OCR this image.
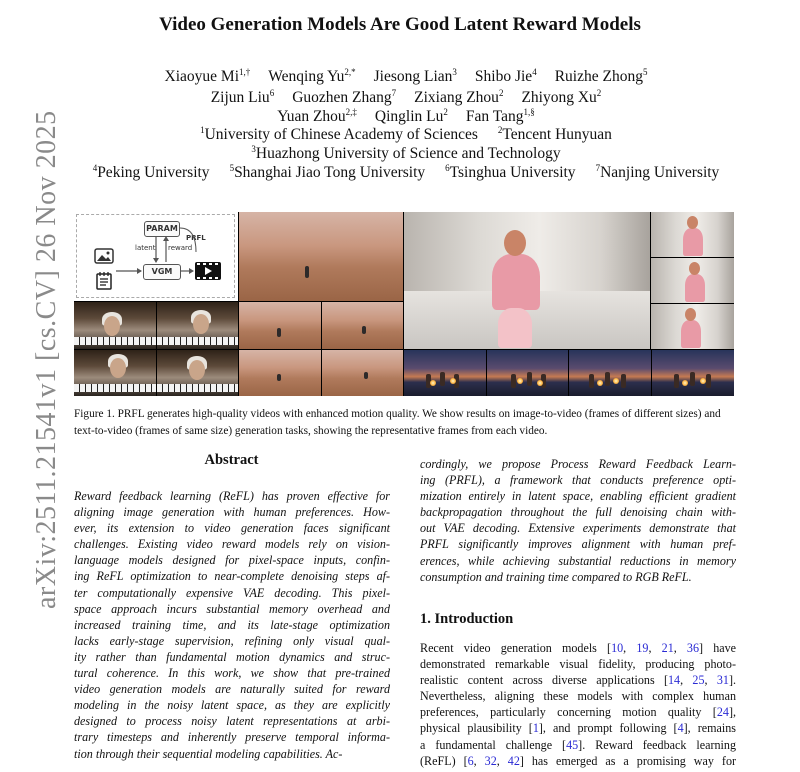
arXiv:2511.21541v1 [cs.CV] 26 Nov 2025
Video Generation Models Are Good Latent Reward Models
Xiaoyue $Mi^{1,\dagger}$ Wenqing $Yu^{2,*}$ Jiesong Lian$^3$ Shibo Jie$^4$ Ruizhe Zhong$^5$
Zijun Liu$^6$ Guozhen Zhang$^7$ Zixiang Zhou$^2$ Zhiyong Xu$^2$
Yuan Zhou$^{2,\ddagger}$ Qinglin Lu$^2$ Fan Tang$^{1,\S}$
$^1$University of Chinese Academy of Sciences $^2$Tencent Hunyuan
$^3$Huazhong University of Science and Technology
$^4$Peking University $^5$Shanghai Jiao Tong University $^6$Tsinghua University $^7$Nanjing University
PARAM
PRFL
latent reward
VGM
Figure 1. PRFL generates high-quality videos with enhanced motion quality. We show results on image-to-video (frames of different sizes) and text-to-video (frames of same size) generation tasks, showing the representative frames from each video.
Abstract
Reward feedback learning (ReFL) has proven effective for
aligning image generation with human preferences. How-
ever, its extension to video generation faces significant
challenges. Existing video reward models rely on vision-
language models designed for pixel-space inputs, confin-
ing ReFL optimization to near-complete denoising steps af-
ter computationally expensive VAE decoding. This pixel-
space approach incurs substantial memory overhead and
increased training time, and its late-stage optimization
lacks early-stage supervision, refining only visual qual-
ity rather than fundamental motion dynamics and struc-
tural coherence. In this work, we show that pre-trained
video generation models are naturally suited for reward
modeling in the noisy latent space, as they are explicitly
designed to process noisy latent representations at arbi-
trary timesteps and inherently preserve temporal informa-
tion through their sequential modeling capabilities. Ac-
cordingly, we propose Process Reward Feedback Learn-
ing (PRFL), a framework that conducts preference opti-
mization entirely in latent space, enabling efficient gradient
backpropagation throughout the full denoising chain with-
out VAE decoding. Extensive experiments demonstrate that
PRFL significantly improves alignment with human pref-
erences, while achieving substantial reductions in memory
consumption and training time compared to RGB ReFL.
1. Introduction
Recent video generation models [10, 19, 21, 36] have
demonstrated remarkable visual fidelity, producing photo-
realistic content across diverse applications [14, 25, 31].
Nevertheless, aligning these models with complex human
preferences, particularly concerning motion quality [24],
physical plausibility [1], and prompt following [4], remains
a fundamental challenge [45]. Reward feedback learning
(ReFL) [6, 32, 42] has emerged as a promising way for
